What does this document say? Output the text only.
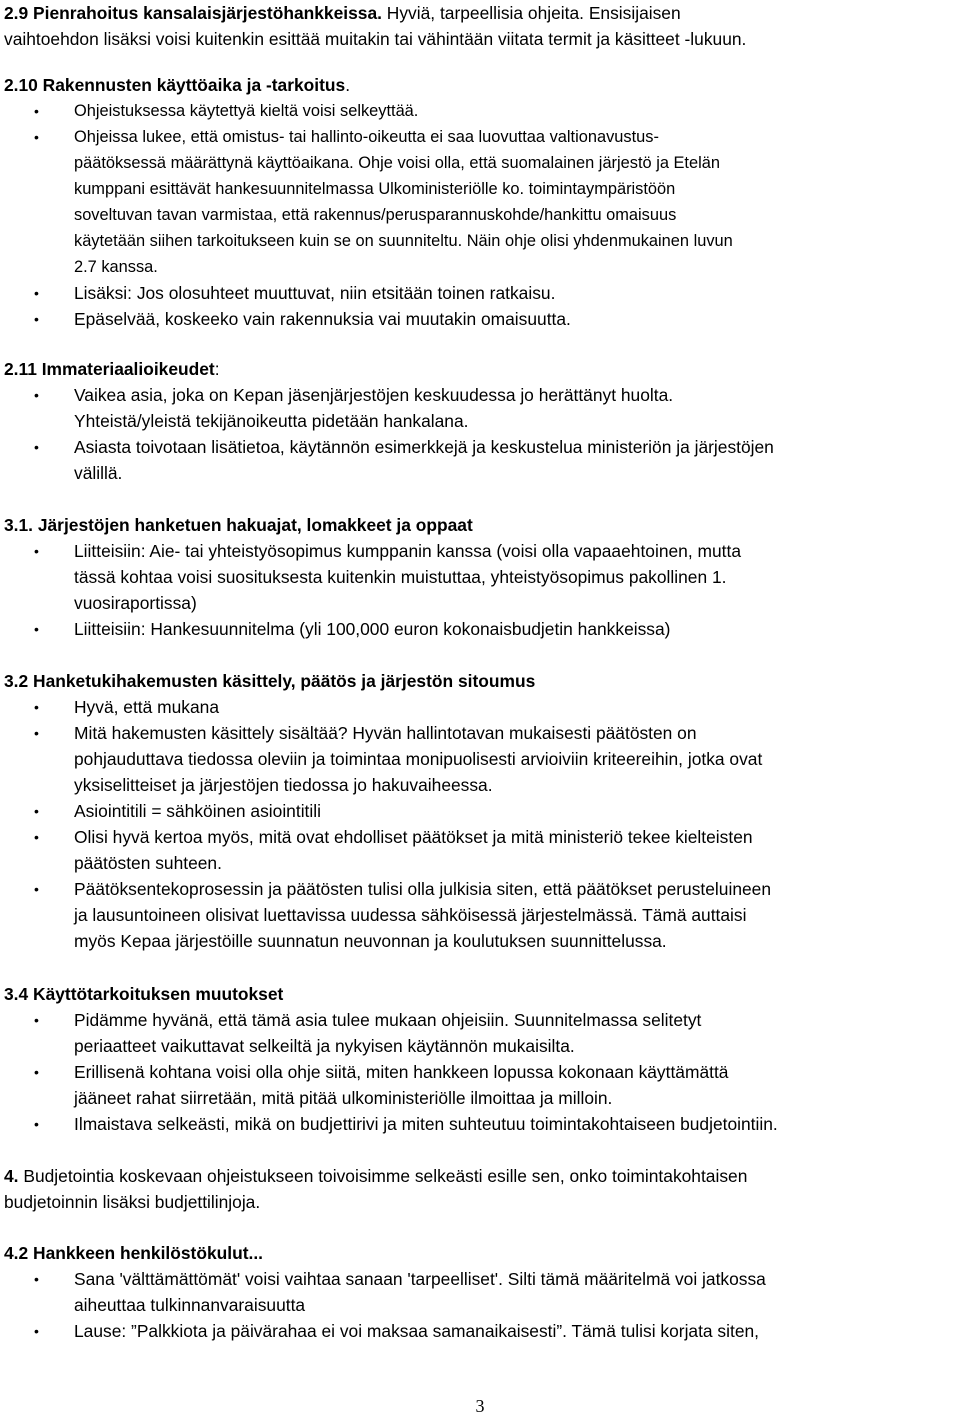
2.9 Pienrahoitus kansalaisjärjestöhankkeissa. Hyviä, tarpeellisia ohjeita. Ensisijaisen
vaihtoehdon lisäksi voisi kuitenkin esittää muitakin tai vähintään viitata termit ja käsitteet -lukuun.
2.10 Rakennusten käyttöaika ja -tarkoitus.
• Ohjeistuksessa käytettyä kieltä voisi selkeyttää.
• Ohjeissa lukee, että omistus- tai hallinto-oikeutta ei saa luovuttaa valtionavustus-
päätöksessä määrättynä käyttöaikana. Ohje voisi olla, että suomalainen järjestö ja Etelän
kumppani esittävät hankesuunnitelmassa Ulkoministeriölle ko. toimintaympäristöön
soveltuvan tavan varmistaa, että rakennus/perusparannuskohde/hankittu omaisuus
käytetään siihen tarkoitukseen kuin se on suunniteltu. Näin ohje olisi yhdenmukainen luvun
2.7 kanssa.
• Lisäksi: Jos olosuhteet muuttuvat, niin etsitään toinen ratkaisu.
• Epäselvää, koskeeko vain rakennuksia vai muutakin omaisuutta.
2.11 Immateriaalioikeudet:
• Vaikea asia, joka on Kepan jäsenjärjestöjen keskuudessa jo herättänyt huolta.
Yhteistä/yleistä tekijänoikeutta pidetään hankalana.
• Asiasta toivotaan lisätietoa, käytännön esimerkkejä ja keskustelua ministeriön ja järjestöjen
välillä.
3.1. Järjestöjen hanketuen hakuajat, lomakkeet ja oppaat
• Liitteisiin: Aie- tai yhteistyösopimus kumppanin kanssa (voisi olla vapaaehtoinen, mutta
tässä kohtaa voisi suosituksesta kuitenkin muistuttaa, yhteistyösopimus pakollinen 1.
vuosiraportissa)
• Liitteisiin: Hankesuunnitelma (yli 100,000 euron kokonaisbudjetin hankkeissa)
3.2 Hanketukihakemusten käsittely, päätös ja järjestön sitoumus
• Hyvä, että mukana
• Mitä hakemusten käsittely sisältää? Hyvän hallintotavan mukaisesti päätösten on
pohjauduttava tiedossa oleviin ja toimintaa monipuolisesti arvioiviin kriteereihin, jotka ovat
yksiselitteiset ja järjestöjen tiedossa jo hakuvaiheessa.
• Asiointitili = sähköinen asiointitili
• Olisi hyvä kertoa myös, mitä ovat ehdolliset päätökset ja mitä ministeriö tekee kielteisten
päätösten suhteen.
• Päätöksentekoprosessin ja päätösten tulisi olla julkisia siten, että päätökset perusteluineen
ja lausuntoineen olisivat luettavissa uudessa sähköisessä järjestelmässä. Tämä auttaisi
myös Kepaa järjestöille suunnatun neuvonnan ja koulutuksen suunnittelussa.
3.4 Käyttötarkoituksen muutokset
• Pidämme hyvänä, että tämä asia tulee mukaan ohjeisiin. Suunnitelmassa selitetyt
periaatteet vaikuttavat selkeiltä ja nykyisen käytännön mukaisilta.
• Erillisenä kohtana voisi olla ohje siitä, miten hankkeen lopussa kokonaan käyttämättä
jääneet rahat siirretään, mitä pitää ulkoministeriölle ilmoittaa ja milloin.
• Ilmaistava selkeästi, mikä on budjettirivi ja miten suhteutuu toimintakohtaiseen budjetointiin.
4. Budjetointia koskevaan ohjeistukseen toivoisimme selkeästi esille sen, onko toimintakohtaisen
budjetoinnin lisäksi budjettilinjoja.
4.2 Hankkeen henkilöstökulut...
• Sana 'välttämättömät' voisi vaihtaa sanaan 'tarpeelliset'. Silti tämä määritelmä voi jatkossa
aiheuttaa tulkinnanvaraisuutta
• Lause: ”Palkkiota ja päivärahaa ei voi maksaa samanaikaisesti”. Tämä tulisi korjata siten,
3
